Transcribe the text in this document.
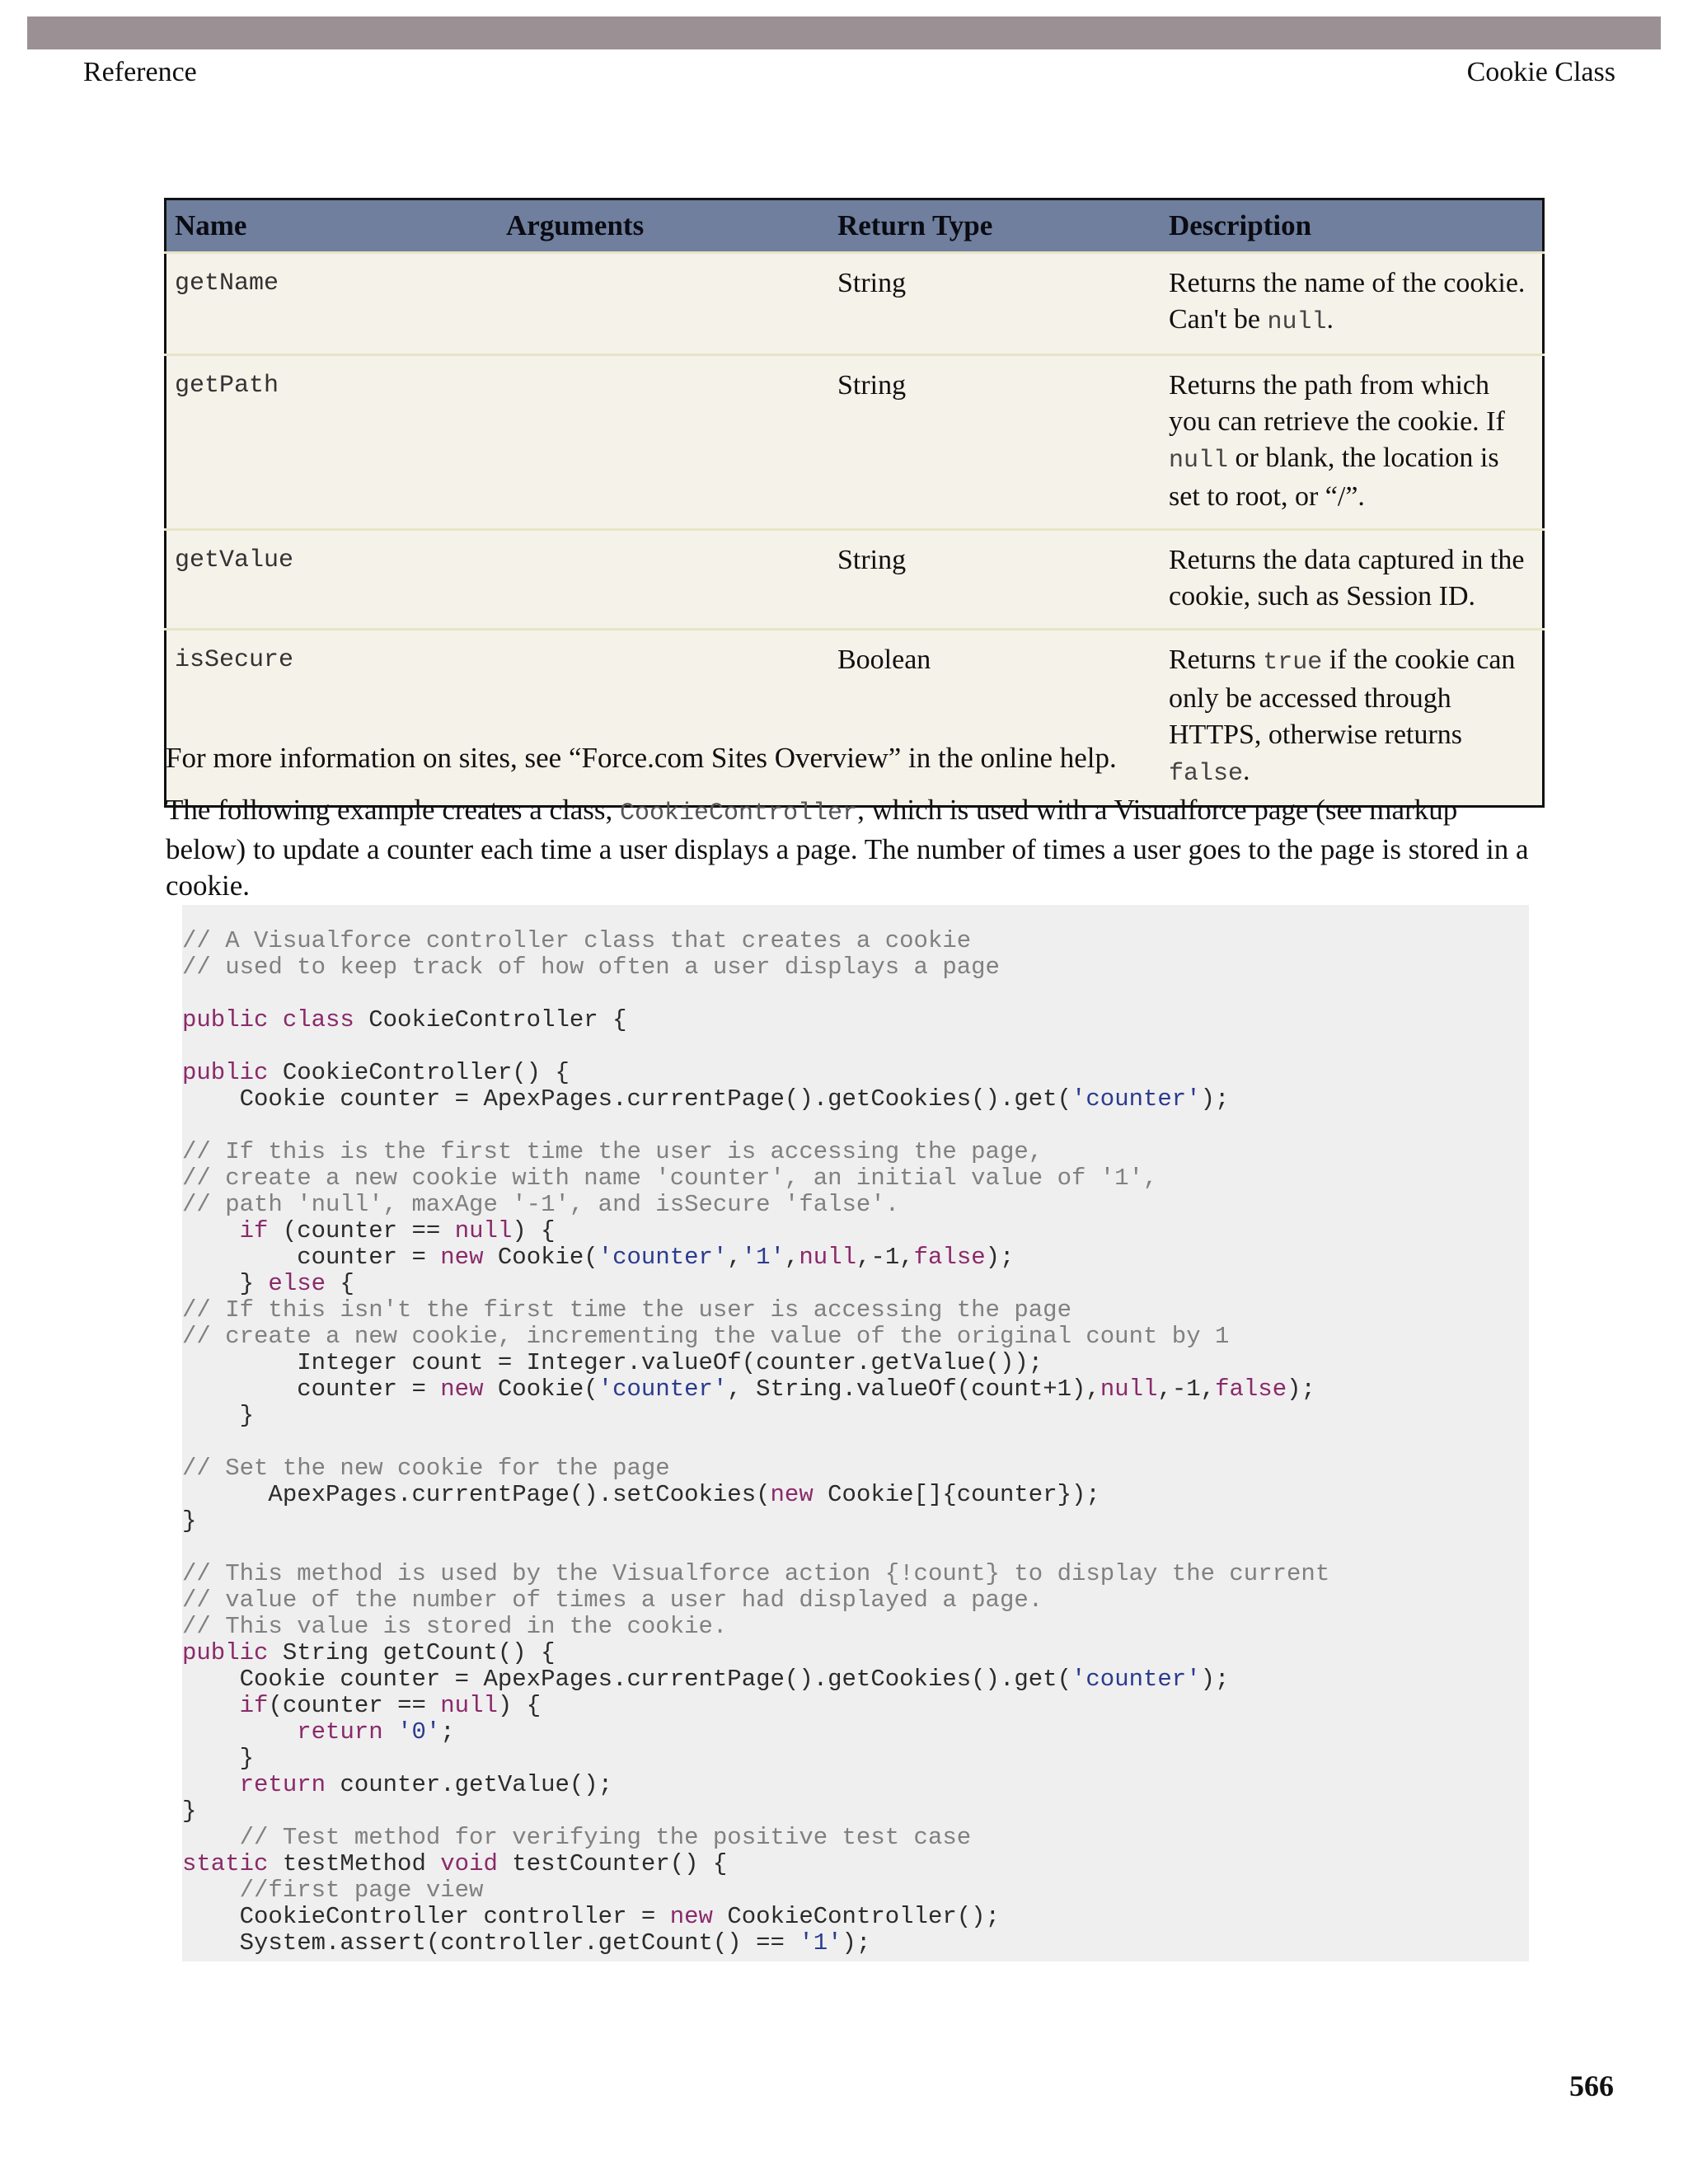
Reference	Cookie Class
Name	Arguments	Return Type	Description
getName		String	Returns the name of the cookie. Can't be null.
getPath		String	Returns the path from which you can retrieve the cookie. If null or blank, the location is set to root, or “/”.
getValue		String	Returns the data captured in the cookie, such as Session ID.
isSecure		Boolean	Returns true if the cookie can only be accessed through HTTPS, otherwise returns false.

For more information on sites, see “Force.com Sites Overview” in the online help.

The following example creates a class, CookieController, which is used with a Visualforce page (see markup below) to update a counter each time a user displays a page. The number of times a user goes to the page is stored in a cookie.

// A Visualforce controller class that creates a cookie
// used to keep track of how often a user displays a page
public class CookieController {
public CookieController() {
Cookie counter = ApexPages.currentPage().getCookies().get('counter');
// If this is the first time the user is accessing the page,
// create a new cookie with name 'counter', an initial value of '1',
// path 'null', maxAge '-1', and isSecure 'false'.
if (counter == null) {
counter = new Cookie('counter','1',null,-1,false);
} else {
// If this isn't the first time the user is accessing the page
// create a new cookie, incrementing the value of the original count by 1
Integer count = Integer.valueOf(counter.getValue());
counter = new Cookie('counter', String.valueOf(count+1),null,-1,false);
}
// Set the new cookie for the page
ApexPages.currentPage().setCookies(new Cookie[]{counter});
}
// This method is used by the Visualforce action {!count} to display the current
// value of the number of times a user had displayed a page.
// This value is stored in the cookie.
public String getCount() {
Cookie counter = ApexPages.currentPage().getCookies().get('counter');
if(counter == null) {
return '0';
}
return counter.getValue();
}
// Test method for verifying the positive test case
static testMethod void testCounter() {
//first page view
CookieController controller = new CookieController();
System.assert(controller.getCount() == '1');
566
